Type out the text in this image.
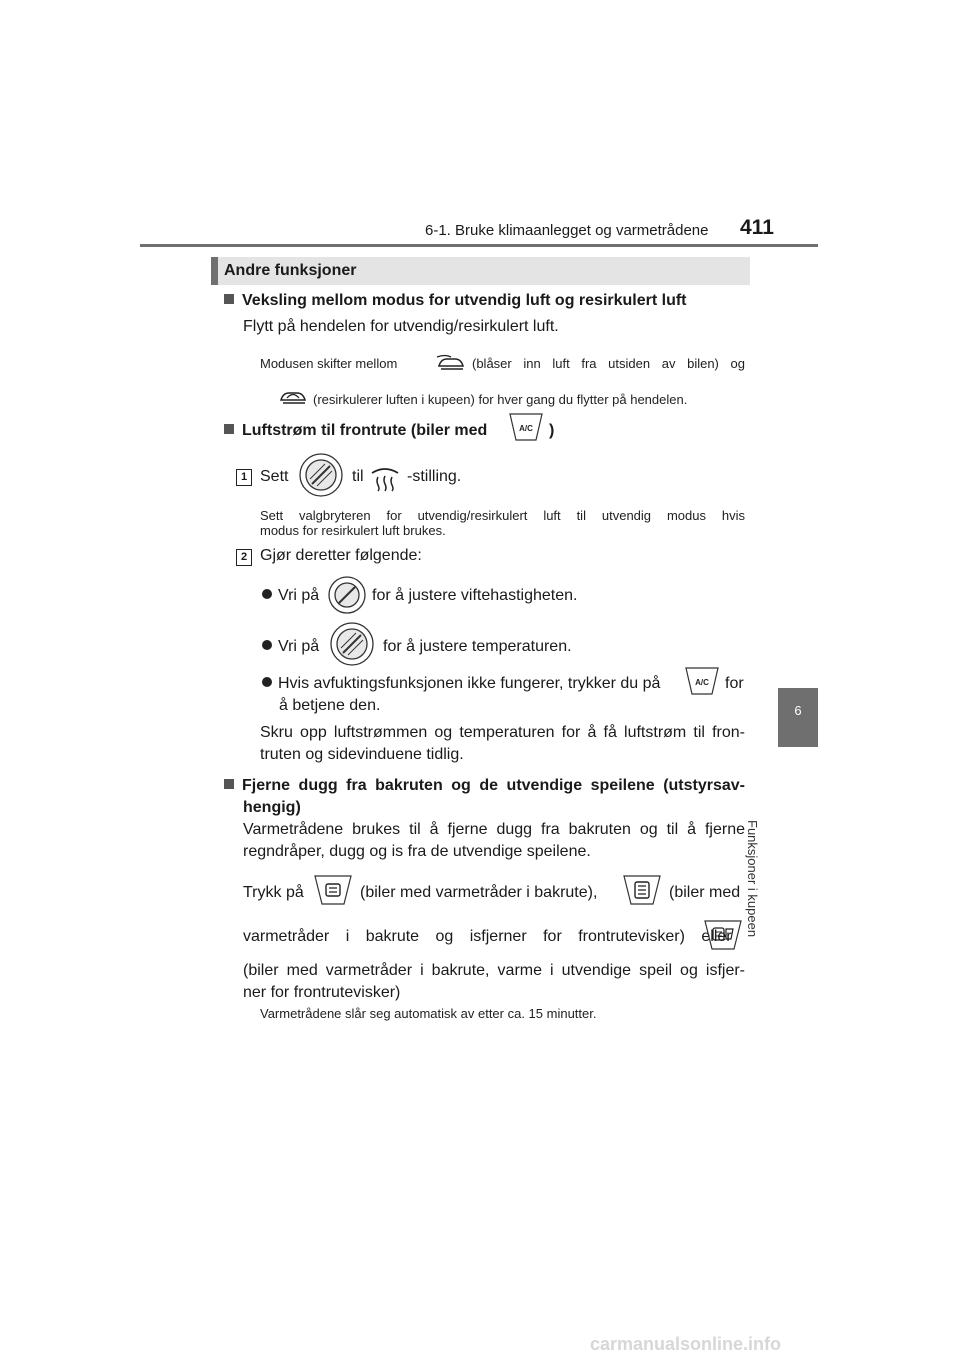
6-1. Bruke klimaanlegget og varmetrådene 411
6
Funksjoner i kupeen
Andre funksjoner
Veksling mellom modus for utvendig luft og resirkulert luft
Flytt på hendelen for utvendig/resirkulert luft.
Modusen skifter mellom	(blåser inn luft fra utsiden av bilen) og
(resirkulerer luften i kupeen) for hver gang du flytter på hendelen.
Luftstrøm til frontrute (biler med	A/C )
1 Sett	til	-stilling.
Sett valgbryteren for utvendig/resirkulert luft til utvendig modus hvis
modus for resirkulert luft brukes.
2 Gjør deretter følgende:
Vri på	for å justere viftehastigheten.
Vri på	for å justere temperaturen.
Hvis avfuktingsfunksjonen ikke fungerer, trykker du på	A/C for
å betjene den.
Skru opp luftstrømmen og temperaturen for å få luftstrøm til fron-
truten og sidevinduene tidlig.
Fjerne dugg fra bakruten og de utvendige speilene (utstyrsav-
hengig)
Varmetrådene brukes til å fjerne dugg fra bakruten og til å fjerne
regndråper, dugg og is fra de utvendige speilene.
Trykk på	(biler med varmetråder i bakrute),	(biler med
varmetråder i bakrute og isfjerner for frontrutevisker) eller
(biler med varmetråder i bakrute, varme i utvendige speil og isfjer-
ner for frontrutevisker)
Varmetrådene slår seg automatisk av etter ca. 15 minutter.
carmanualsonline.info
